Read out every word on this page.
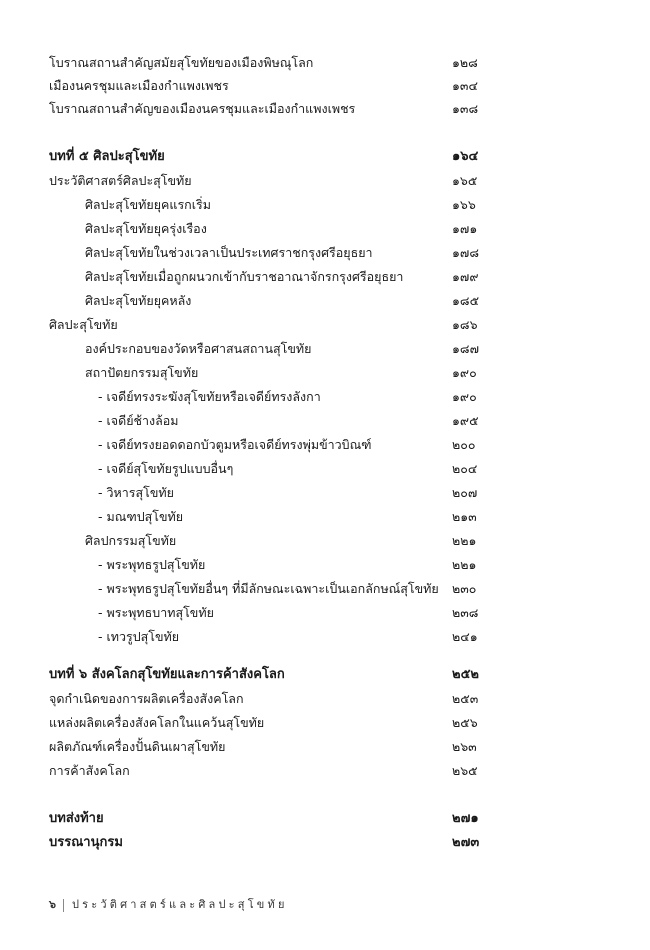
โบราณสถานสำคัญสมัยสุโขทัยของเมืองพิษณุโลก	๑๒๘
เมืองนครชุมและเมืองกำแพงเพชร	๑๓๔
โบราณสถานสำคัญของเมืองนครชุมและเมืองกำแพงเพชร	๑๓๘
บทที่ ๕ ศิลปะสุโขทัย	๑๖๔
ประวัติศาสตร์ศิลปะสุโขทัย	๑๖๕
ศิลปะสุโขทัยยุคแรกเริ่ม	๑๖๖
ศิลปะสุโขทัยยุครุ่งเรือง	๑๗๑
ศิลปะสุโขทัยในช่วงเวลาเป็นประเทศราชกรุงศรีอยุธยา	๑๗๘
ศิลปะสุโขทัยเมื่อถูกผนวกเข้ากับราชอาณาจักรกรุงศรีอยุธยา	๑๗๙
ศิลปะสุโขทัยยุคหลัง	๑๘๕
ศิลปะสุโขทัย	๑๘๖
องค์ประกอบของวัดหรือศาสนสถานสุโขทัย	๑๘๗
สถาปัตยกรรมสุโขทัย	๑๙๐
- เจดีย์ทรงระฆังสุโขทัยหรือเจดีย์ทรงลังกา	๑๙๐
- เจดีย์ช้างล้อม	๑๙๕
- เจดีย์ทรงยอดดอกบัวตูมหรือเจดีย์ทรงพุ่มข้าวบิณฑ์	๒๐๐
- เจดีย์สุโขทัยรูปแบบอื่นๆ	๒๐๔
- วิหารสุโขทัย	๒๐๗
- มณฑปสุโขทัย	๒๑๓
ศิลปกรรมสุโขทัย	๒๒๑
- พระพุทธรูปสุโขทัย	๒๒๑
- พระพุทธรูปสุโขทัยอื่นๆ ที่มีลักษณะเฉพาะเป็นเอกลักษณ์สุโขทัย ๒๓๐
- พระพุทธบาทสุโขทัย	๒๓๘
- เทวรูปสุโขทัย	๒๔๑
บทที่ ๖ สังคโลกสุโขทัยและการค้าสังคโลก	๒๕๒
จุดกำเนิดของการผลิตเครื่องสังคโลก	๒๕๓
แหล่งผลิตเครื่องสังคโลกในแคว้นสุโขทัย	๒๕๖
ผลิตภัณฑ์เครื่องปั้นดินเผาสุโขทัย	๒๖๓
การค้าสังคโลก	๒๖๕
บทส่งท้าย	๒๗๑
บรรณานุกรม	๒๗๓
๖ ประวัติศาสตร์และศิลปะสุโขทัย
